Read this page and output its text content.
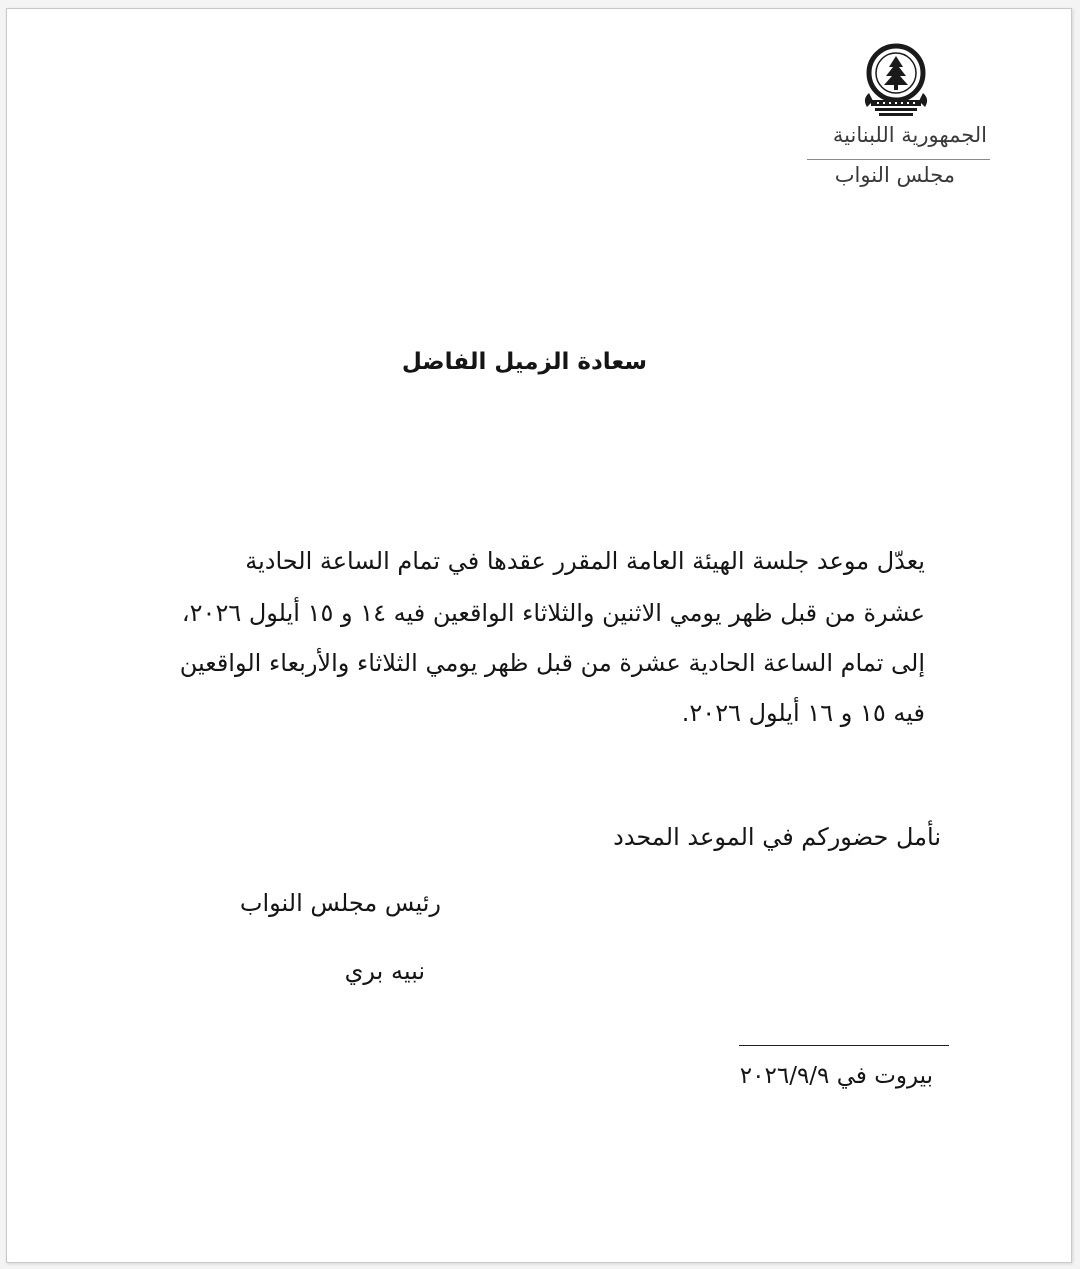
الجمهورية اللبنانية
مجلس النواب
سعادة الزميل الفاضل
يعدّل موعد جلسة الهيئة العامة المقرر عقدها في تمام الساعة الحادية
عشرة من قبل ظهر يومي الاثنين والثلاثاء الواقعين فيه ١٤ و ١٥ أيلول ٢٠٢٦،
إلى تمام الساعة الحادية عشرة من قبل ظهر يومي الثلاثاء والأربعاء الواقعين
فيه ١٥ و ١٦ أيلول ٢٠٢٦.
نأمل حضوركم في الموعد المحدد
رئيس مجلس النواب
نبيه بري
بيروت في ٢٠٢٦/٩/٩
